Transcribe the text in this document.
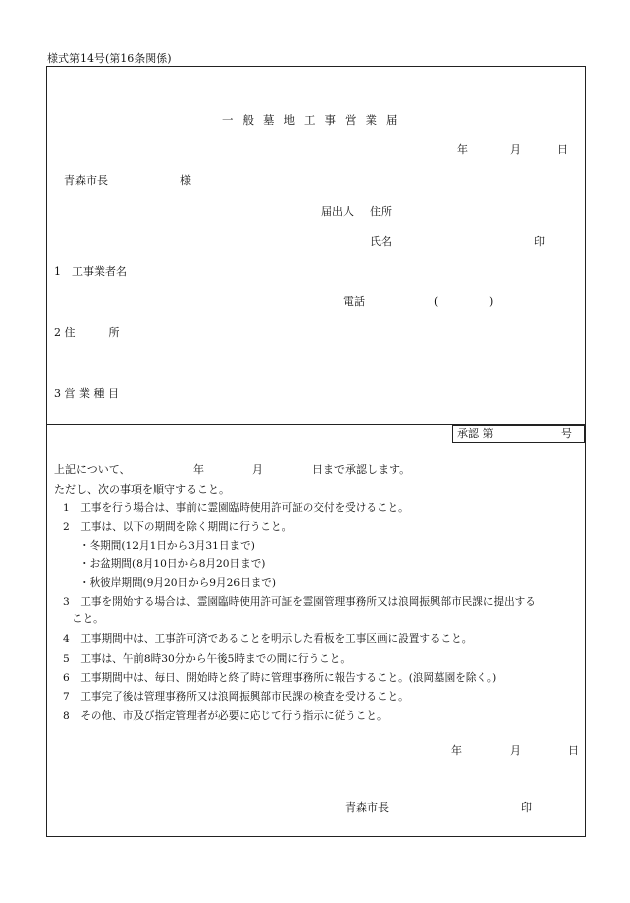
様式第14号(第16条関係)
一般墓地工事営業届
年	月	日
青森市長	様
届出人 住所
氏名	印
1　工事業者名
電話	(	)
2 住　　　所
3 営 業 種 目
承認 第	号
上記について、	年	月	日まで承認します。
ただし、次の事項を順守すること。
1　工事を行う場合は、事前に霊園臨時使用許可証の交付を受けること。
2　工事は、以下の期間を除く期間に行うこと。
・冬期間(12月1日から3月31日まで)
・お盆期間(8月10日から8月20日まで)
・秋彼岸期間(9月20日から9月26日まで)
3　工事を開始する場合は、霊園臨時使用許可証を霊園管理事務所又は浪岡振興部市民課に提出する
こと。
4　工事期間中は、工事許可済であることを明示した看板を工事区画に設置すること。
5　工事は、午前8時30分から午後5時までの間に行うこと。
6　工事期間中は、毎日、開始時と終了時に管理事務所に報告すること。(浪岡墓園を除く。)
7　工事完了後は管理事務所又は浪岡振興部市民課の検査を受けること。
8　その他、市及び指定管理者が必要に応じて行う指示に従うこと。
年	月	日
青森市長	印
